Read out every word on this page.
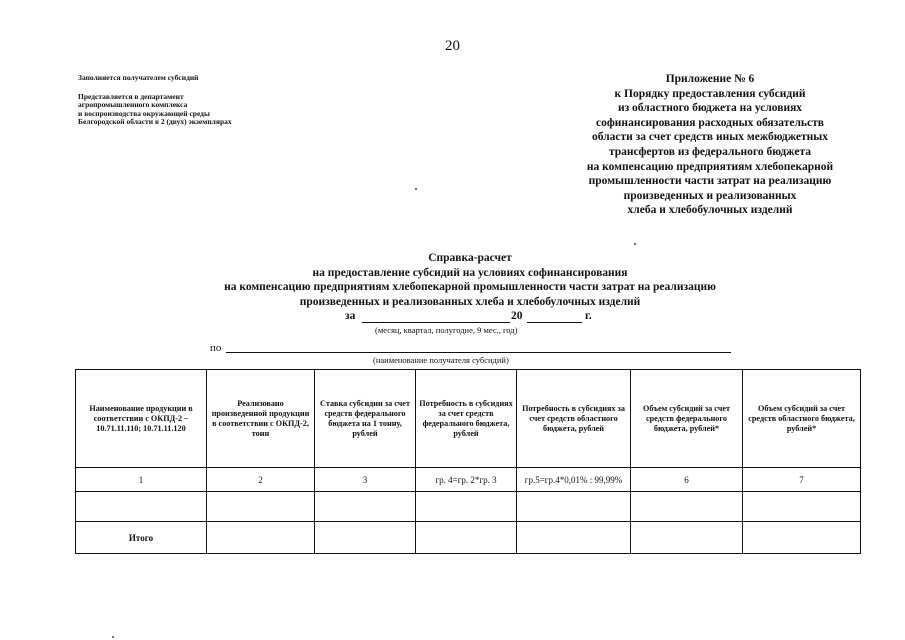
20
Заполняется получателем субсидий
Представляется в департамент
агропромышленного комплекса
и воспроизводства окружающей среды
Белгородской области в 2 (двух) экземплярах
Приложение № 6
к Порядку предоставления субсидий
из областного бюджета на условиях
софинансирования расходных обязательств
области за счет средств иных межбюджетных
трансфертов из федерального бюджета
на компенсацию предприятиям хлебопекарной
промышленности части затрат на реализацию
произведенных и реализованных
хлеба и хлебобулочных изделий
Справка-расчет
на предоставление субсидий на условиях софинансирования
на компенсацию предприятиям хлебопекарной промышленности части затрат на реализацию
произведенных и реализованных хлеба и хлебобулочных изделий
за	20	г.
(месяц, квартал, полугодие, 9 мес., год)
по
(наименование получателя субсидий)
Наименование продукции в соответствии с ОКПД-2 – 10.71.11.110; 10.71.11.120	Реализовано произведенной продукции в соответствии с ОКПД-2, тонн	Ставка субсидии за счет средств федерального бюджета на 1 тонну, рублей	Потребность в субсидиях за счет средств федерального бюджета, рублей	Потребность в субсидиях за счет средств областного бюджета, рублей	Объем субсидий за счет средств федерального бюджета, рублей*	Объем субсидий за счет средств областного бюджета, рублей*
1	2	3	гр. 4=гр. 2*гр. 3	гр.5=гр.4*0,01% : 99,99%	6	7

Итого						
